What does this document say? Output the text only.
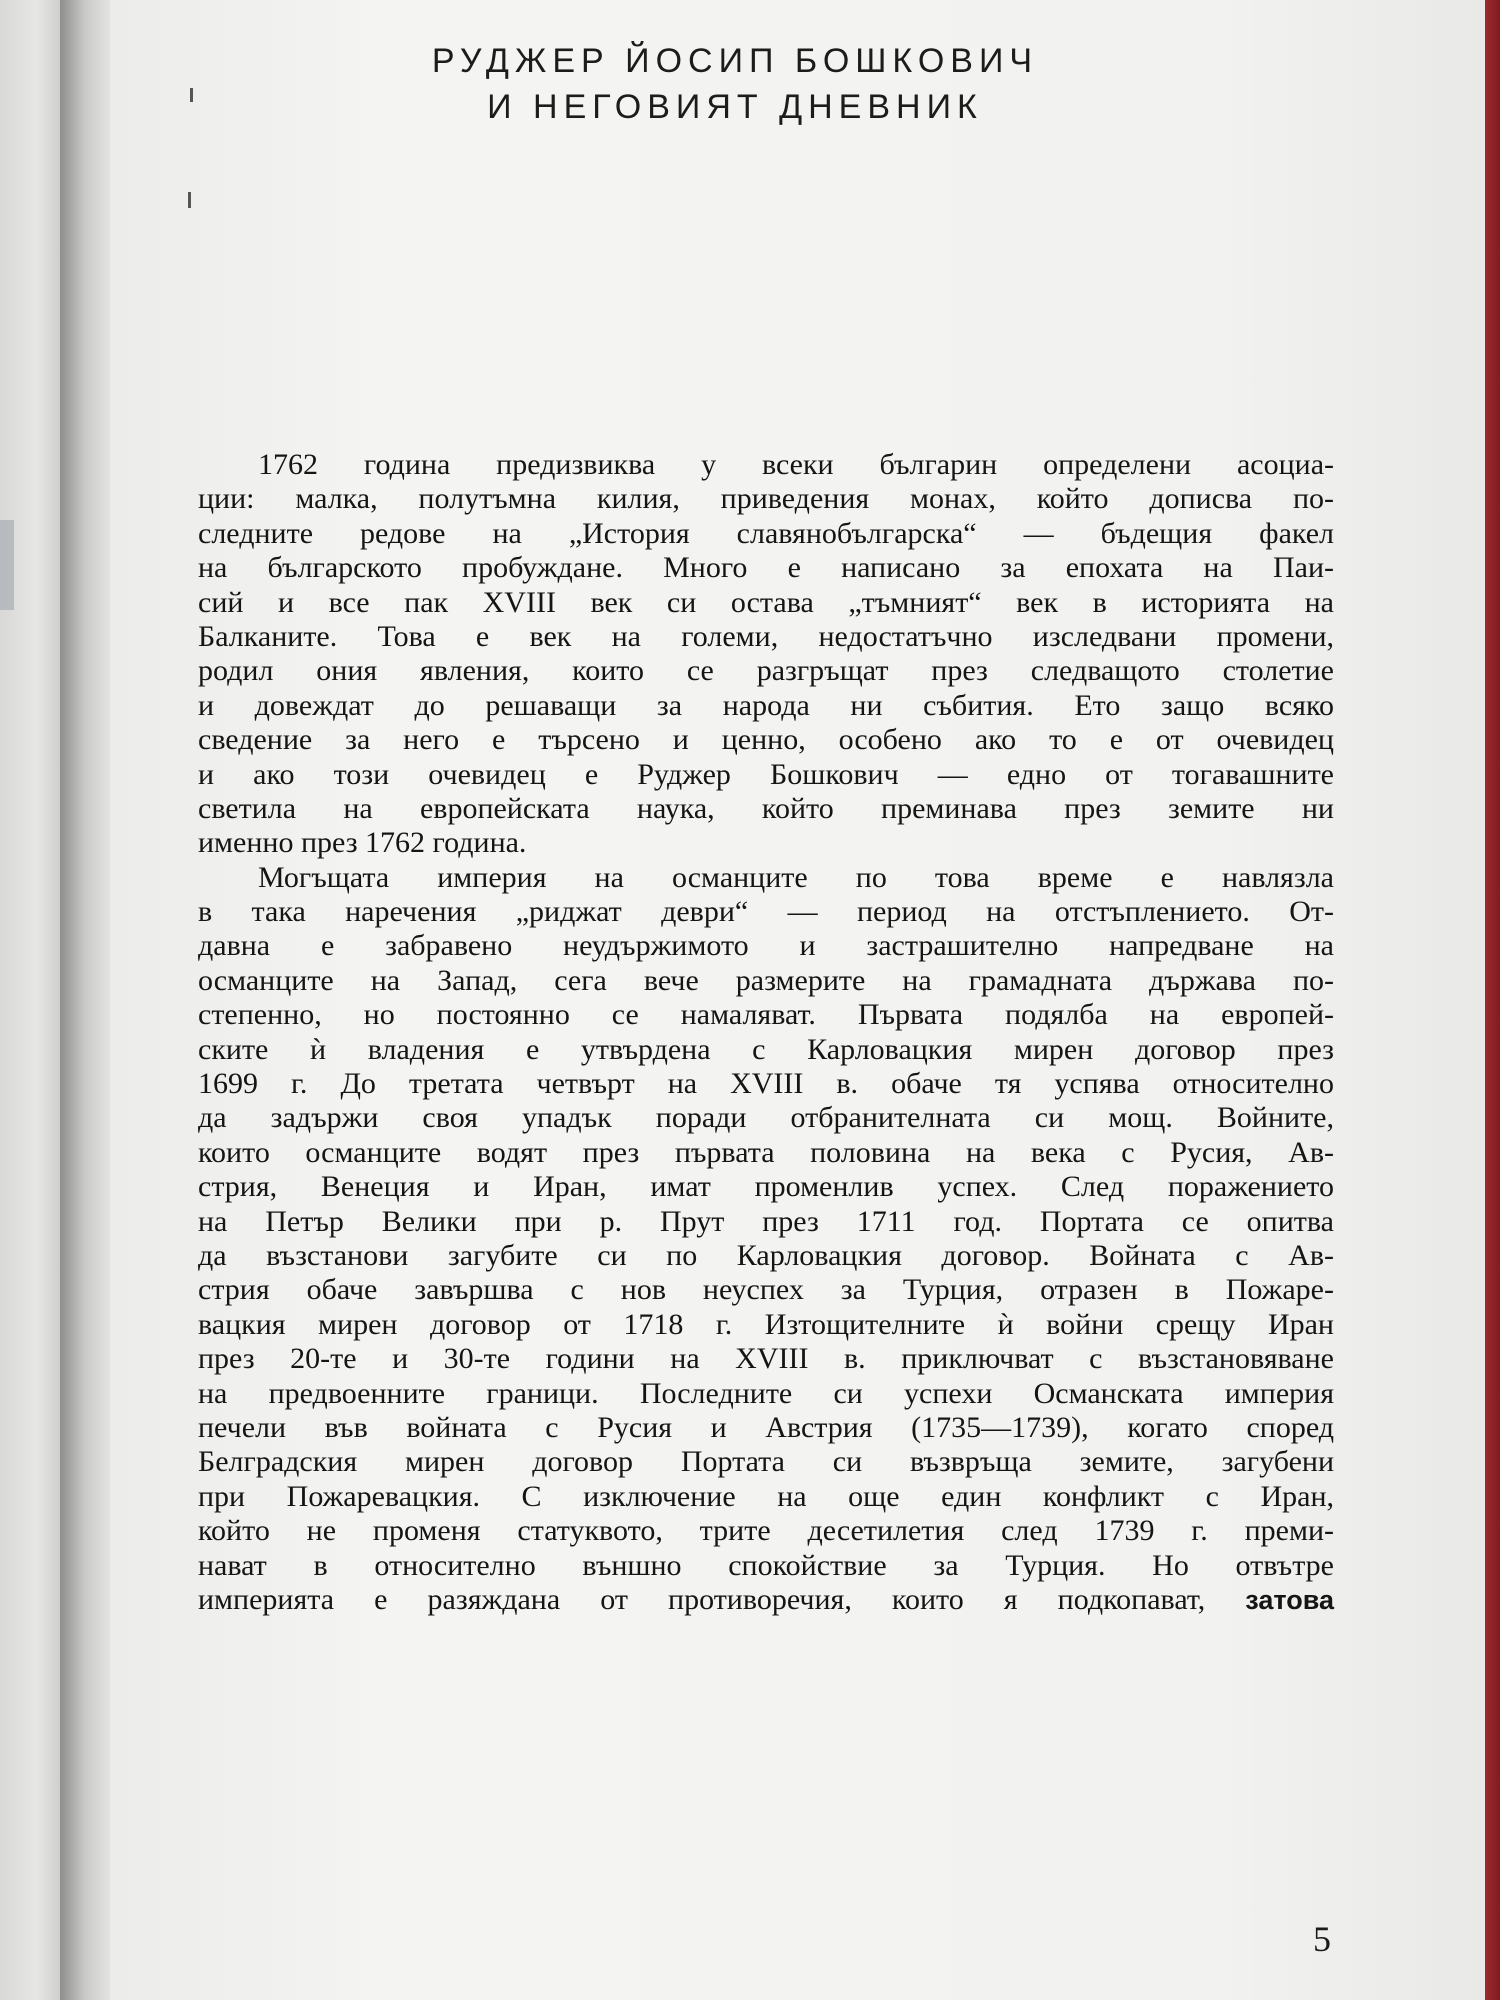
РУДЖЕР ЙОСИП БОШКОВИЧ
И НЕГОВИЯТ ДНЕВНИК
1762 година предизвиква у всеки българин определени асоциа-
ции: малка, полутъмна килия, приведения монах, който дописва по-
следните редове на „История славянобългарска“ — бъдещия факел
на българското пробуждане. Много е написано за епохата на Паи-
сий и все пак XVIII век си остава „тъмният“ век в историята на
Балканите. Това е век на големи, недостатъчно изследвани промени,
родил ония явления, които се разгръщат през следващото столетие
и довеждат до решаващи за народа ни събития. Ето защо всяко
сведение за него е търсено и ценно, особено ако то е от очевидец
и ако този очевидец е Руджер Бошкович — едно от тогавашните
светила на европейската наука, който преминава през земите ни
именно през 1762 година.
Могъщата империя на османците по това време е навлязла
в така наречения „риджат деври“ — период на отстъплението. От-
давна е забравено неудържимото и застрашително напредване на
османците на Запад, сега вече размерите на грамадната държава по-
степенно, но постоянно се намаляват. Първата подялба на европей-
ските ѝ владения е утвърдена с Карловацкия мирен договор през
1699 г. До третата четвърт на XVIII в. обаче тя успява относително
да задържи своя упадък поради отбранителната си мощ. Войните,
които османците водят през първата половина на века с Русия, Ав-
стрия, Венеция и Иран, имат променлив успех. След поражението
на Петър Велики при р. Прут през 1711 год. Портата се опитва
да възстанови загубите си по Карловацкия договор. Войната с Ав-
стрия обаче завършва с нов неуспех за Турция, отразен в Пожаре-
вацкия мирен договор от 1718 г. Изтощителните ѝ войни срещу Иран
през 20-те и 30-те години на XVIII в. приключват с възстановяване
на предвоенните граници. Последните си успехи Османската империя
печели във войната с Русия и Австрия (1735—1739), когато според
Белградския мирен договор Портата си възвръща земите, загубени
при Пожаревацкия. С изключение на още един конфликт с Иран,
който не променя статуквото, трите десетилетия след 1739 г. преми-
нават в относително външно спокойствие за Турция. Но отвътре
империята е разяждана от противоречия, които я подкопават, затова
5
